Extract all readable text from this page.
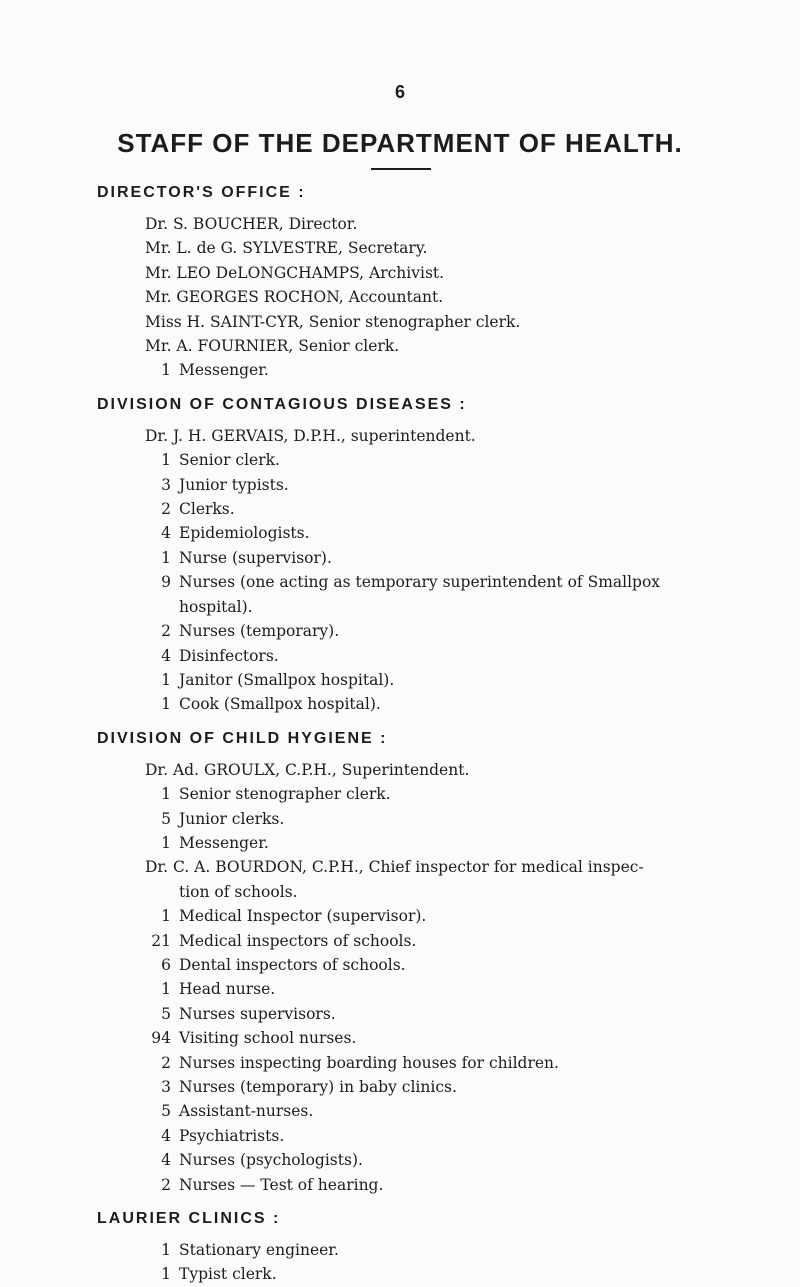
6
STAFF OF THE DEPARTMENT OF HEALTH.
DIRECTOR'S OFFICE :
Dr. S. BOUCHER, Director.
Mr. L. de G. SYLVESTRE, Secretary.
Mr. LEO DeLONGCHAMPS, Archivist.
Mr. GEORGES ROCHON, Accountant.
Miss H. SAINT-CYR, Senior stenographer clerk.
Mr. A. FOURNIER, Senior clerk.
1 Messenger.
DIVISION OF CONTAGIOUS DISEASES :
Dr. J. H. GERVAIS, D.P.H., superintendent.
1 Senior clerk.
3 Junior typists.
2 Clerks.
4 Epidemiologists.
1 Nurse (supervisor).
9 Nurses (one acting as temporary superintendent of Smallpox
hospital).
2 Nurses (temporary).
4 Disinfectors.
1 Janitor (Smallpox hospital).
1 Cook (Smallpox hospital).
DIVISION OF CHILD HYGIENE :
Dr. Ad. GROULX, C.P.H., Superintendent.
1 Senior stenographer clerk.
5 Junior clerks.
1 Messenger.
Dr. C. A. BOURDON, C.P.H., Chief inspector for medical inspec-
tion of schools.
1 Medical Inspector (supervisor).
21 Medical inspectors of schools.
6 Dental inspectors of schools.
1 Head nurse.
5 Nurses supervisors.
94 Visiting school nurses.
2 Nurses inspecting boarding houses for children.
3 Nurses (temporary) in baby clinics.
5 Assistant-nurses.
4 Psychiatrists.
4 Nurses (psychologists).
2 Nurses — Test of hearing.
LAURIER CLINICS :
1 Stationary engineer.
1 Typist clerk.
